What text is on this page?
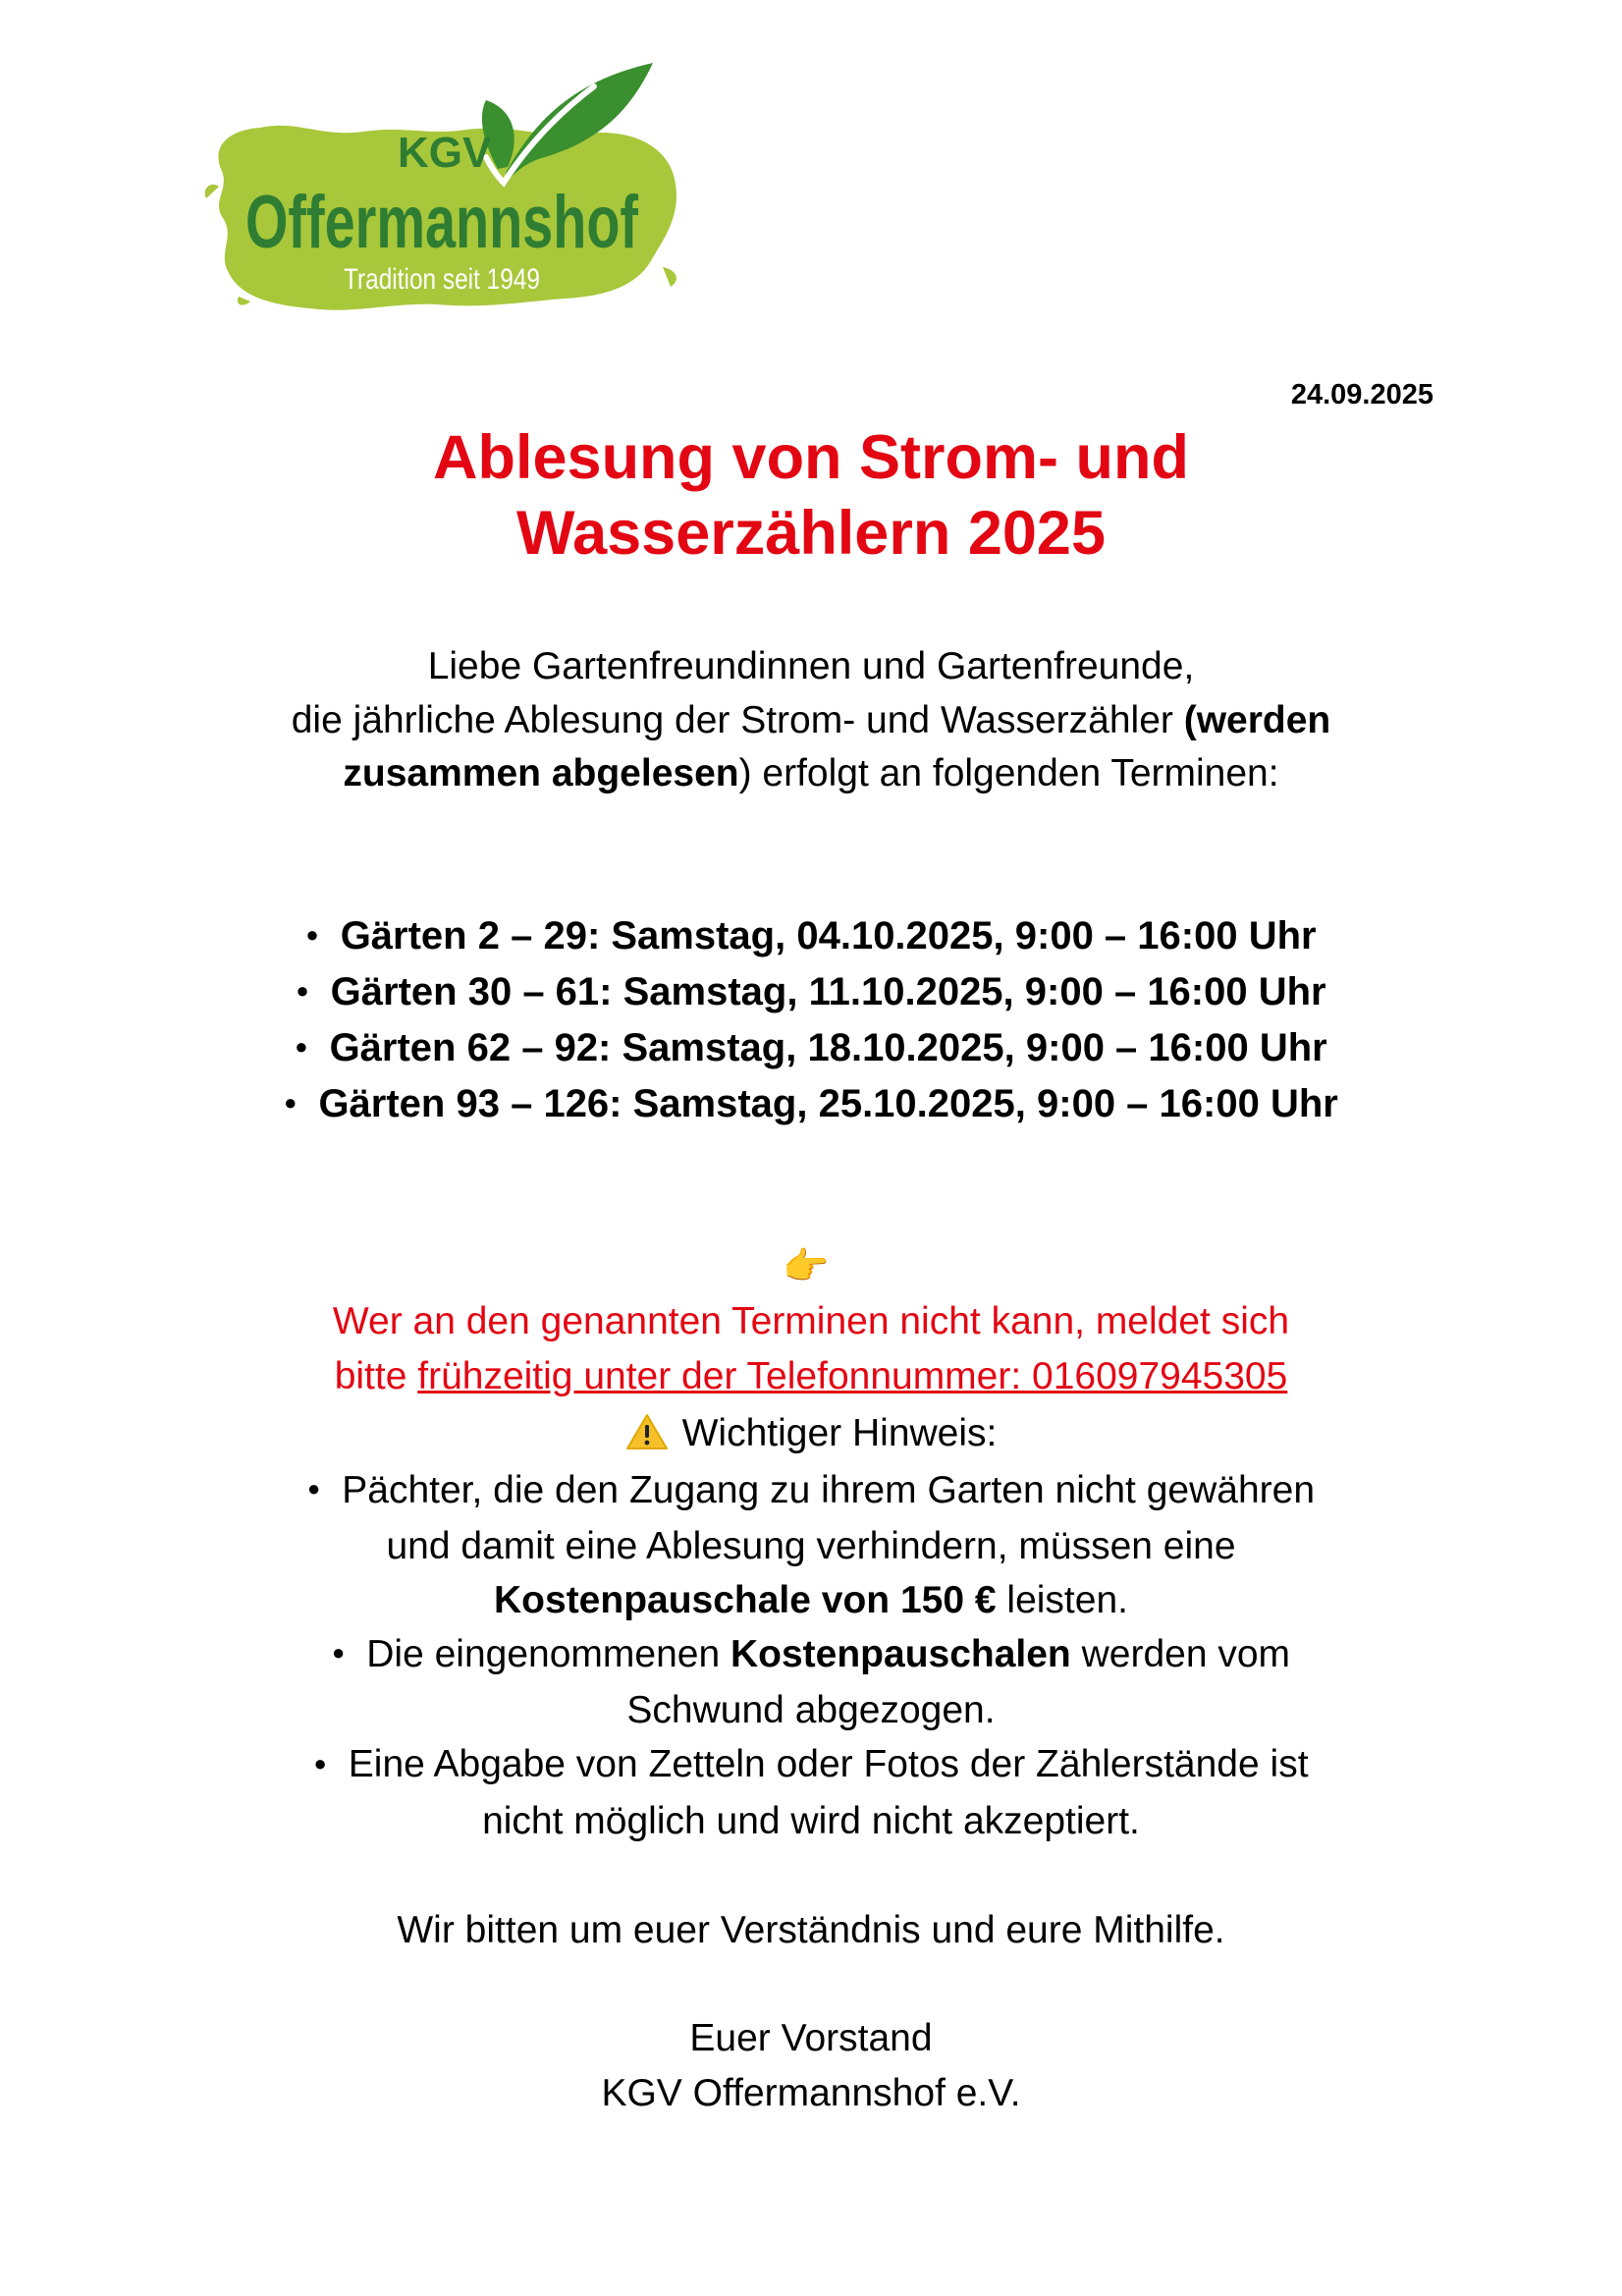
KGV
Offermannshof
Tradition seit 1949
24.09.2025
Ablesung von Strom- und
Wasserzählern 2025
Liebe Gartenfreundinnen und Gartenfreunde,
die jährliche Ablesung der Strom- und Wasserzähler (werden
zusammen abgelesen) erfolgt an folgenden Terminen:
● Gärten 2 – 29: Samstag, 04.10.2025, 9:00 – 16:00 Uhr
● Gärten 30 – 61: Samstag, 11.10.2025, 9:00 – 16:00 Uhr
● Gärten 62 – 92: Samstag, 18.10.2025, 9:00 – 16:00 Uhr
● Gärten 93 – 126: Samstag, 25.10.2025, 9:00 – 16:00 Uhr
👉
Wer an den genannten Terminen nicht kann, meldet sich
bitte frühzeitig unter der Telefonnummer: 016097945305
Wichtiger Hinweis:
● Pächter, die den Zugang zu ihrem Garten nicht gewähren
und damit eine Ablesung verhindern, müssen eine
Kostenpauschale von 150 € leisten.
● Die eingenommenen Kostenpauschalen werden vom
Schwund abgezogen.
● Eine Abgabe von Zetteln oder Fotos der Zählerstände ist
nicht möglich und wird nicht akzeptiert.
Wir bitten um euer Verständnis und eure Mithilfe.
Euer Vorstand
KGV Offermannshof e.V.
